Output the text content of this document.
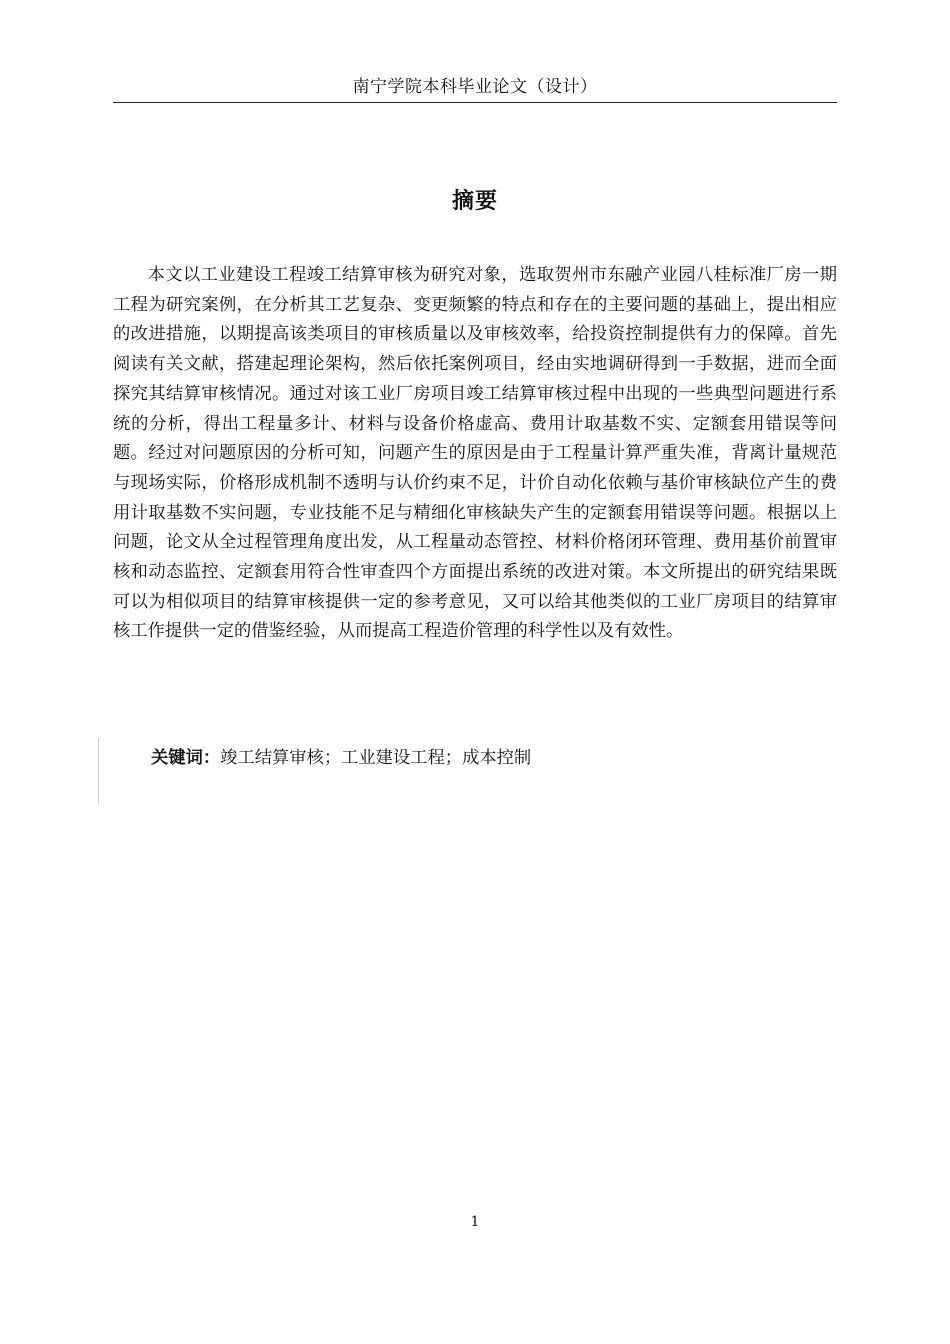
南宁学院本科毕业论文（设计）
摘要

本文以工业建设工程竣工结算审核为研究对象，选取贺州市东融产业园八桂标准厂房一期工程为研究案例，在分析其工艺复杂、变更频繁的特点和存在的主要问题的基础上，提出相应的改进措施，以期提高该类项目的审核质量以及审核效率，给投资控制提供有力的保障。首先阅读有关文献，搭建起理论架构，然后依托案例项目，经由实地调研得到一手数据，进而全面探究其结算审核情况。通过对该工业厂房项目竣工结算审核过程中出现的一些典型问题进行系统的分析，得出工程量多计、材料与设备价格虚高、费用计取基数不实、定额套用错误等问题。经过对问题原因的分析可知，问题产生的原因是由于工程量计算严重失准，背离计量规范与现场实际，价格形成机制不透明与认价约束不足，计价自动化依赖与基价审核缺位产生的费用计取基数不实问题，专业技能不足与精细化审核缺失产生的定额套用错误等问题。根据以上问题，论文从全过程管理角度出发，从工程量动态管控、材料价格闭环管理、费用基价前置审核和动态监控、定额套用符合性审查四个方面提出系统的改进对策。本文所提出的研究结果既可以为相似项目的结算审核提供一定的参考意见，又可以给其他类似的工业厂房项目的结算审核工作提供一定的借鉴经验，从而提高工程造价管理的科学性以及有效性。

关键词：竣工结算审核；工业建设工程；成本控制
1
